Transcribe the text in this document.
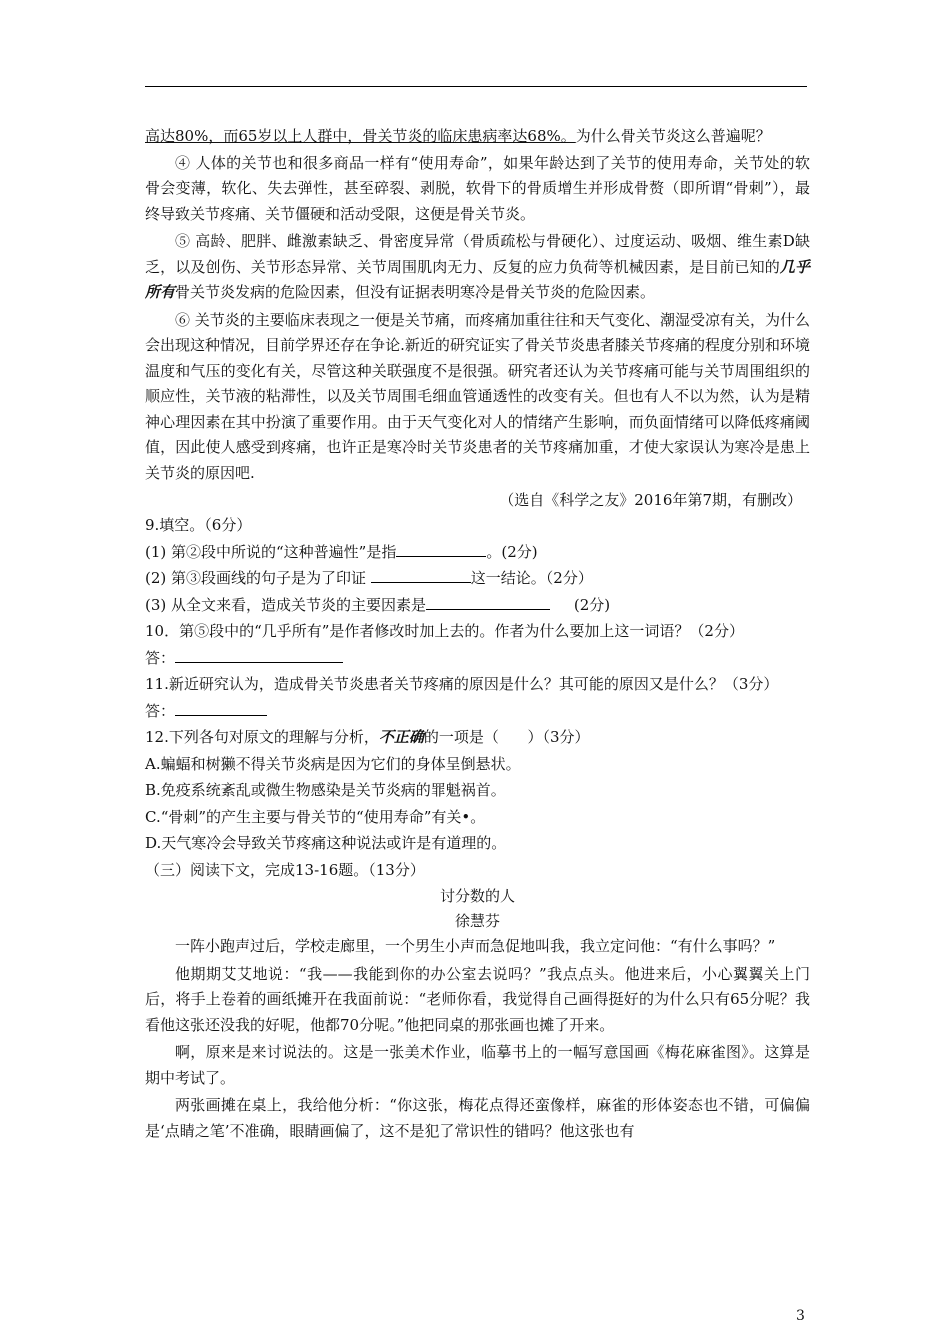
高达80%，而65岁以上人群中，骨关节炎的临床患病率达68%。为什么骨关节炎这么普遍呢？

④ 人体的关节也和很多商品一样有“使用寿命”，如果年龄达到了关节的使用寿命，关节处的软骨会变薄，软化、失去弹性，甚至碎裂、剥脱，软骨下的骨质增生并形成骨赘（即所谓“骨刺”），最终导致关节疼痛、关节僵硬和活动受限，这便是骨关节炎。

⑤ 高龄、肥胖、雌激素缺乏、骨密度异常（骨质疏松与骨硬化）、过度运动、吸烟、维生素D缺乏，以及创伤、关节形态异常、关节周围肌肉无力、反复的应力负荷等机械因素，是目前已知的几乎所有骨关节炎发病的危险因素，但没有证据表明寒冷是骨关节炎的危险因素。

⑥ 关节炎的主要临床表现之一便是关节痛，而疼痛加重往往和天气变化、潮湿受凉有关，为什么会出现这种情况，目前学界还存在争论.新近的研究证实了骨关节炎患者膝关节疼痛的程度分别和环境温度和气压的变化有关，尽管这种关联强度不是很强。研究者还认为关节疼痛可能与关节周围组织的顺应性，关节液的粘滞性，以及关节周围毛细血管通透性的改变有关。但也有人不以为然，认为是精神心理因素在其中扮演了重要作用。由于天气变化对人的情绪产生影响，而负面情绪可以降低疼痛阈值，因此使人感受到疼痛，也许正是寒冷时关节炎患者的关节疼痛加重，才使大家误认为寒冷是患上关节炎的原因吧.

（选自《科学之友》2016年第7期，有删改）
9.填空。（6分）
(1) 第②段中所说的“这种普遍性”是指	。(2分)
(2) 第③段画线的句子是为了印证	这一结论。（2分）
(3) 从全文来看，造成关节炎的主要因素是	(2分)
10．第⑤段中的“几乎所有”是作者修改时加上去的。作者为什么要加上这一词语？（2分）
答：
11.新近研究认为，造成骨关节炎患者关节疼痛的原因是什么？其可能的原因又是什么？（3分）
答：
12.下列各句对原文的理解与分析，不正确的一项是（      ）（3分）
A.蝙蝠和树獭不得关节炎病是因为它们的身体呈倒悬状。
B.免疫系统紊乱或微生物感染是关节炎病的罪魁祸首。
C.“骨刺”的产生主要与骨关节的“使用寿命”有关•。
D.天气寒冷会导致关节疼痛这种说法或许是有道理的。
（三）阅读下文，完成13-16题。（13分）
讨分数的人
徐慧芬

一阵小跑声过后，学校走廊里，一个男生小声而急促地叫我，我立定问他：“有什么事吗？”

他期期艾艾地说：“我——我能到你的办公室去说吗？”我点点头。他进来后，小心翼翼关上门后，将手上卷着的画纸摊开在我面前说：“老师你看，我觉得自己画得挺好的为什么只有65分呢？我看他这张还没我的好呢，他都70分呢。”他把同桌的那张画也摊了开来。

啊，原来是来讨说法的。这是一张美术作业，临摹书上的一幅写意国画《梅花麻雀图》。这算是期中考试了。

两张画摊在桌上，我给他分析：“你这张，梅花点得还蛮像样，麻雀的形体姿态也不错，可偏偏是‘点睛之笔’不准确，眼睛画偏了，这不是犯了常识性的错吗？他这张也有

3
